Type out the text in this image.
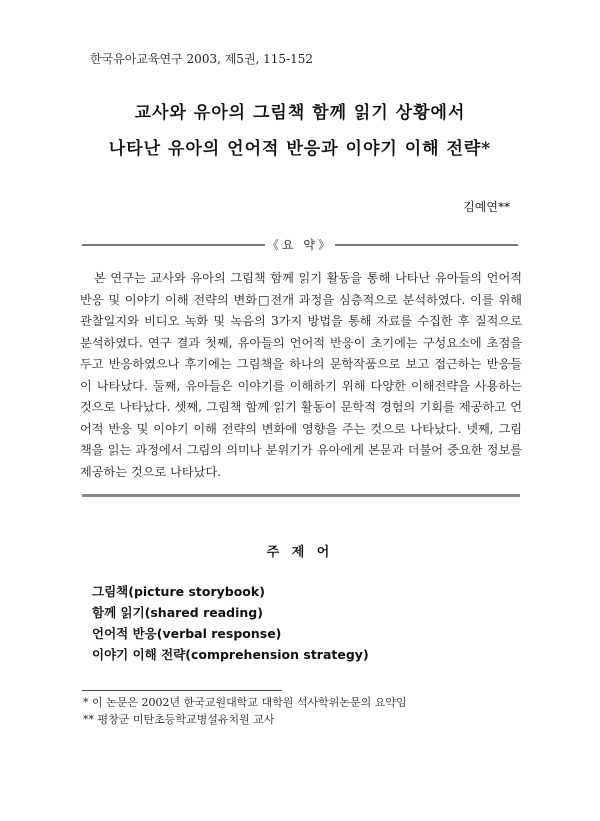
한국유아교육연구 2003, 제5권, 115-152
교사와 유아의 그림책 함께 읽기 상황에서
나타난 유아의 언어적 반응과 이야기 이해 전략*
김예연**
《요 약》
본 연구는 교사와 유아의 그림책 함께 읽기 활동을 통해 나타난 유아들의 언어적 반응 및 이야기 이해 전략의 변화□전개 과정을 심층적으로 분석하였다. 이를 위해 관찰일지와 비디오 녹화 및 녹음의 3가지 방법을 통해 자료를 수집한 후 질적으로 분석하였다. 연구 결과 첫째, 유아들의 언어적 반응이 초기에는 구성요소에 초점을 두고 반응하였으나 후기에는 그림책을 하나의 문학작품으로 보고 접근하는 반응들이 나타났다. 둘째, 유아들은 이야기를 이해하기 위해 다양한 이해전략을 사용하는 것으로 나타났다. 셋째, 그림책 함께 읽기 활동이 문학적 경험의 기회를 제공하고 언어적 반응 및 이야기 이해 전략의 변화에 영향을 주는 것으로 나타났다. 넷째, 그림책을 읽는 과정에서 그림의 의미나 분위기가 유아에게 본문과 더불어 중요한 정보를 제공하는 것으로 나타났다.
주 제 어
그림책(picture storybook)
함께 읽기(shared reading)
언어적 반응(verbal response)
이야기 이해 전략(comprehension strategy)
* 이 논문은 2002년 한국교원대학교 대학원 석사학위논문의 요약임
** 평창군 미탄초등학교병설유치원 교사
